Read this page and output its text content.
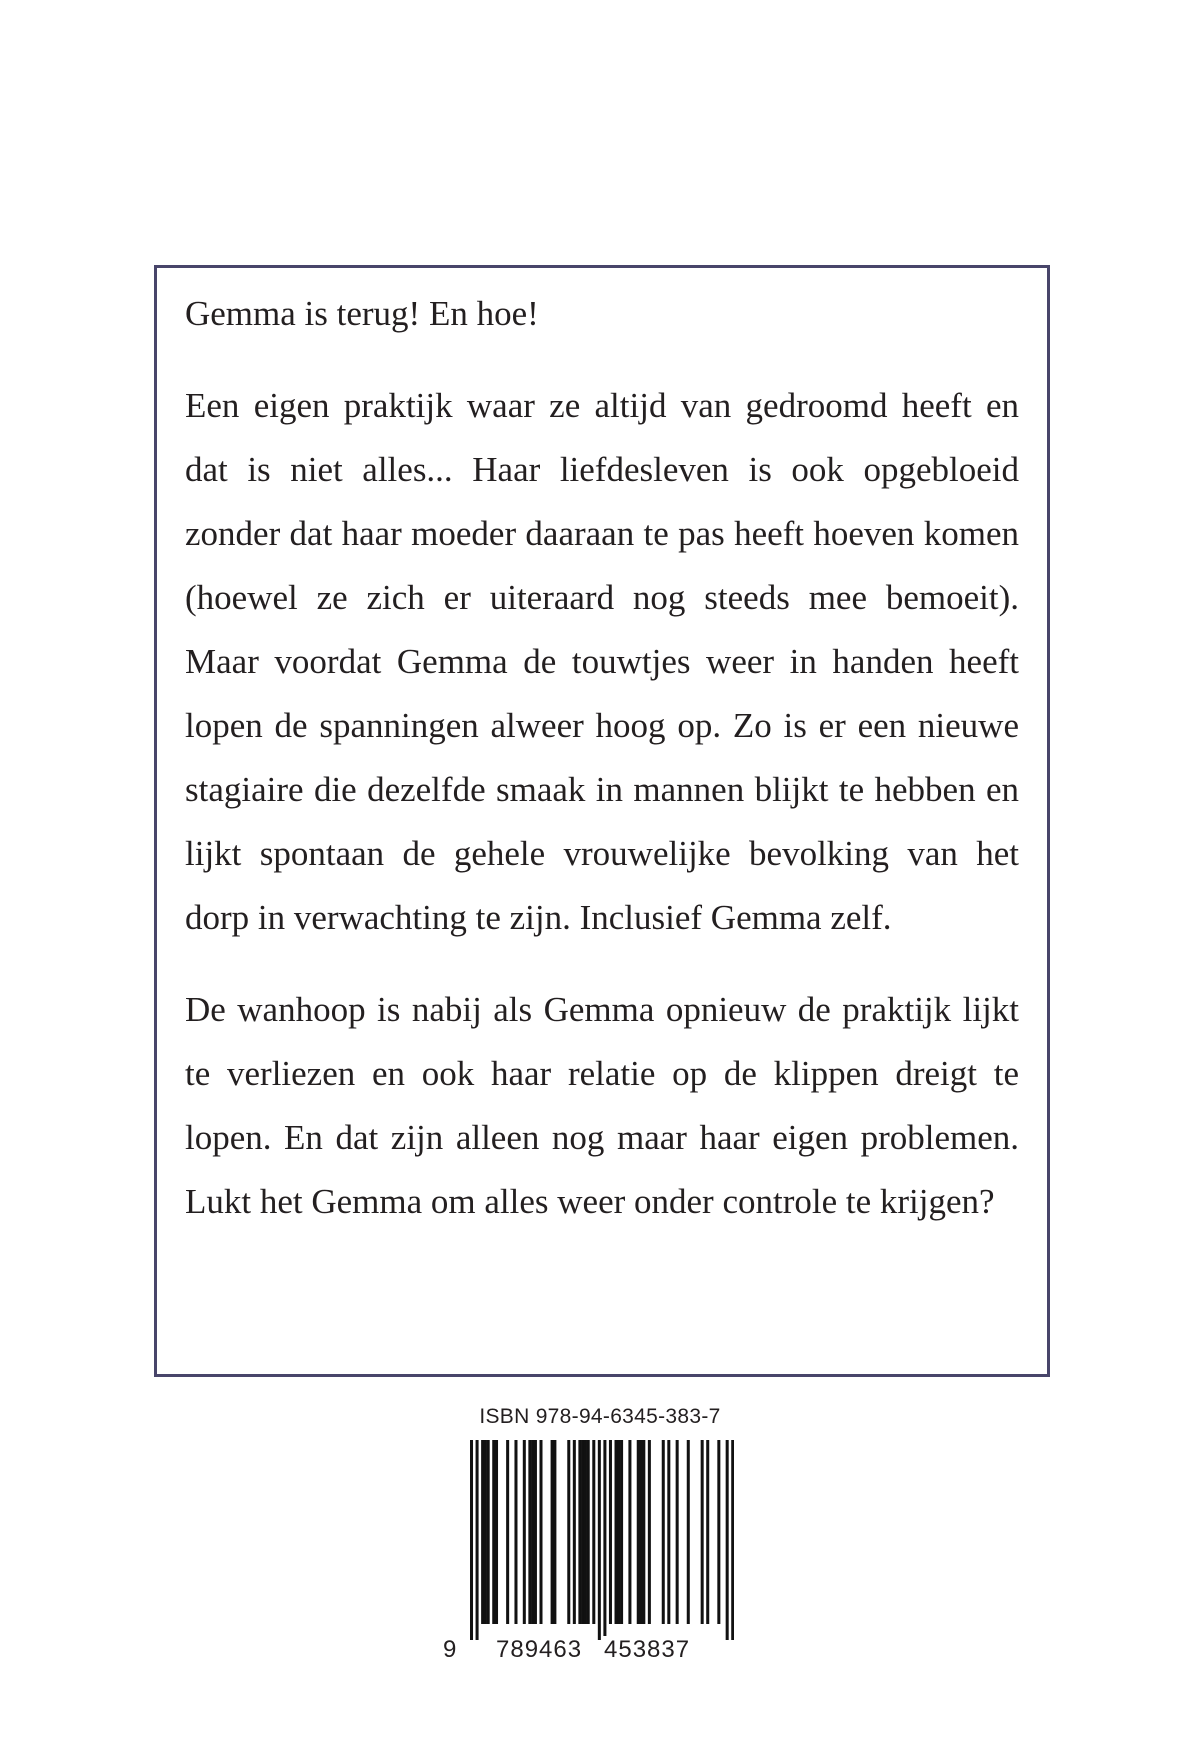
Gemma is terug! En hoe!

Een eigen praktijk waar ze altijd van gedroomd heeft en dat is niet alles... Haar liefdesleven is ook opgebloeid zonder dat haar moeder daaraan te pas heeft hoeven komen (hoewel ze zich er uiteraard nog steeds mee bemoeit). Maar voordat Gemma de touwtjes weer in handen heeft lopen de spanningen alweer hoog op. Zo is er een nieuwe stagiaire die dezelfde smaak in mannen blijkt te hebben en lijkt spontaan de gehele vrouwelijke bevolking van het dorp in verwachting te zijn. Inclusief Gemma zelf.

De wanhoop is nabij als Gemma opnieuw de praktijk lijkt te verliezen en ook haar relatie op de klippen dreigt te lopen. En dat zijn alleen nog maar haar eigen problemen. Lukt het Gemma om alles weer onder controle te krijgen?

ISBN 978-94-6345-383-7
9 789463 453837
